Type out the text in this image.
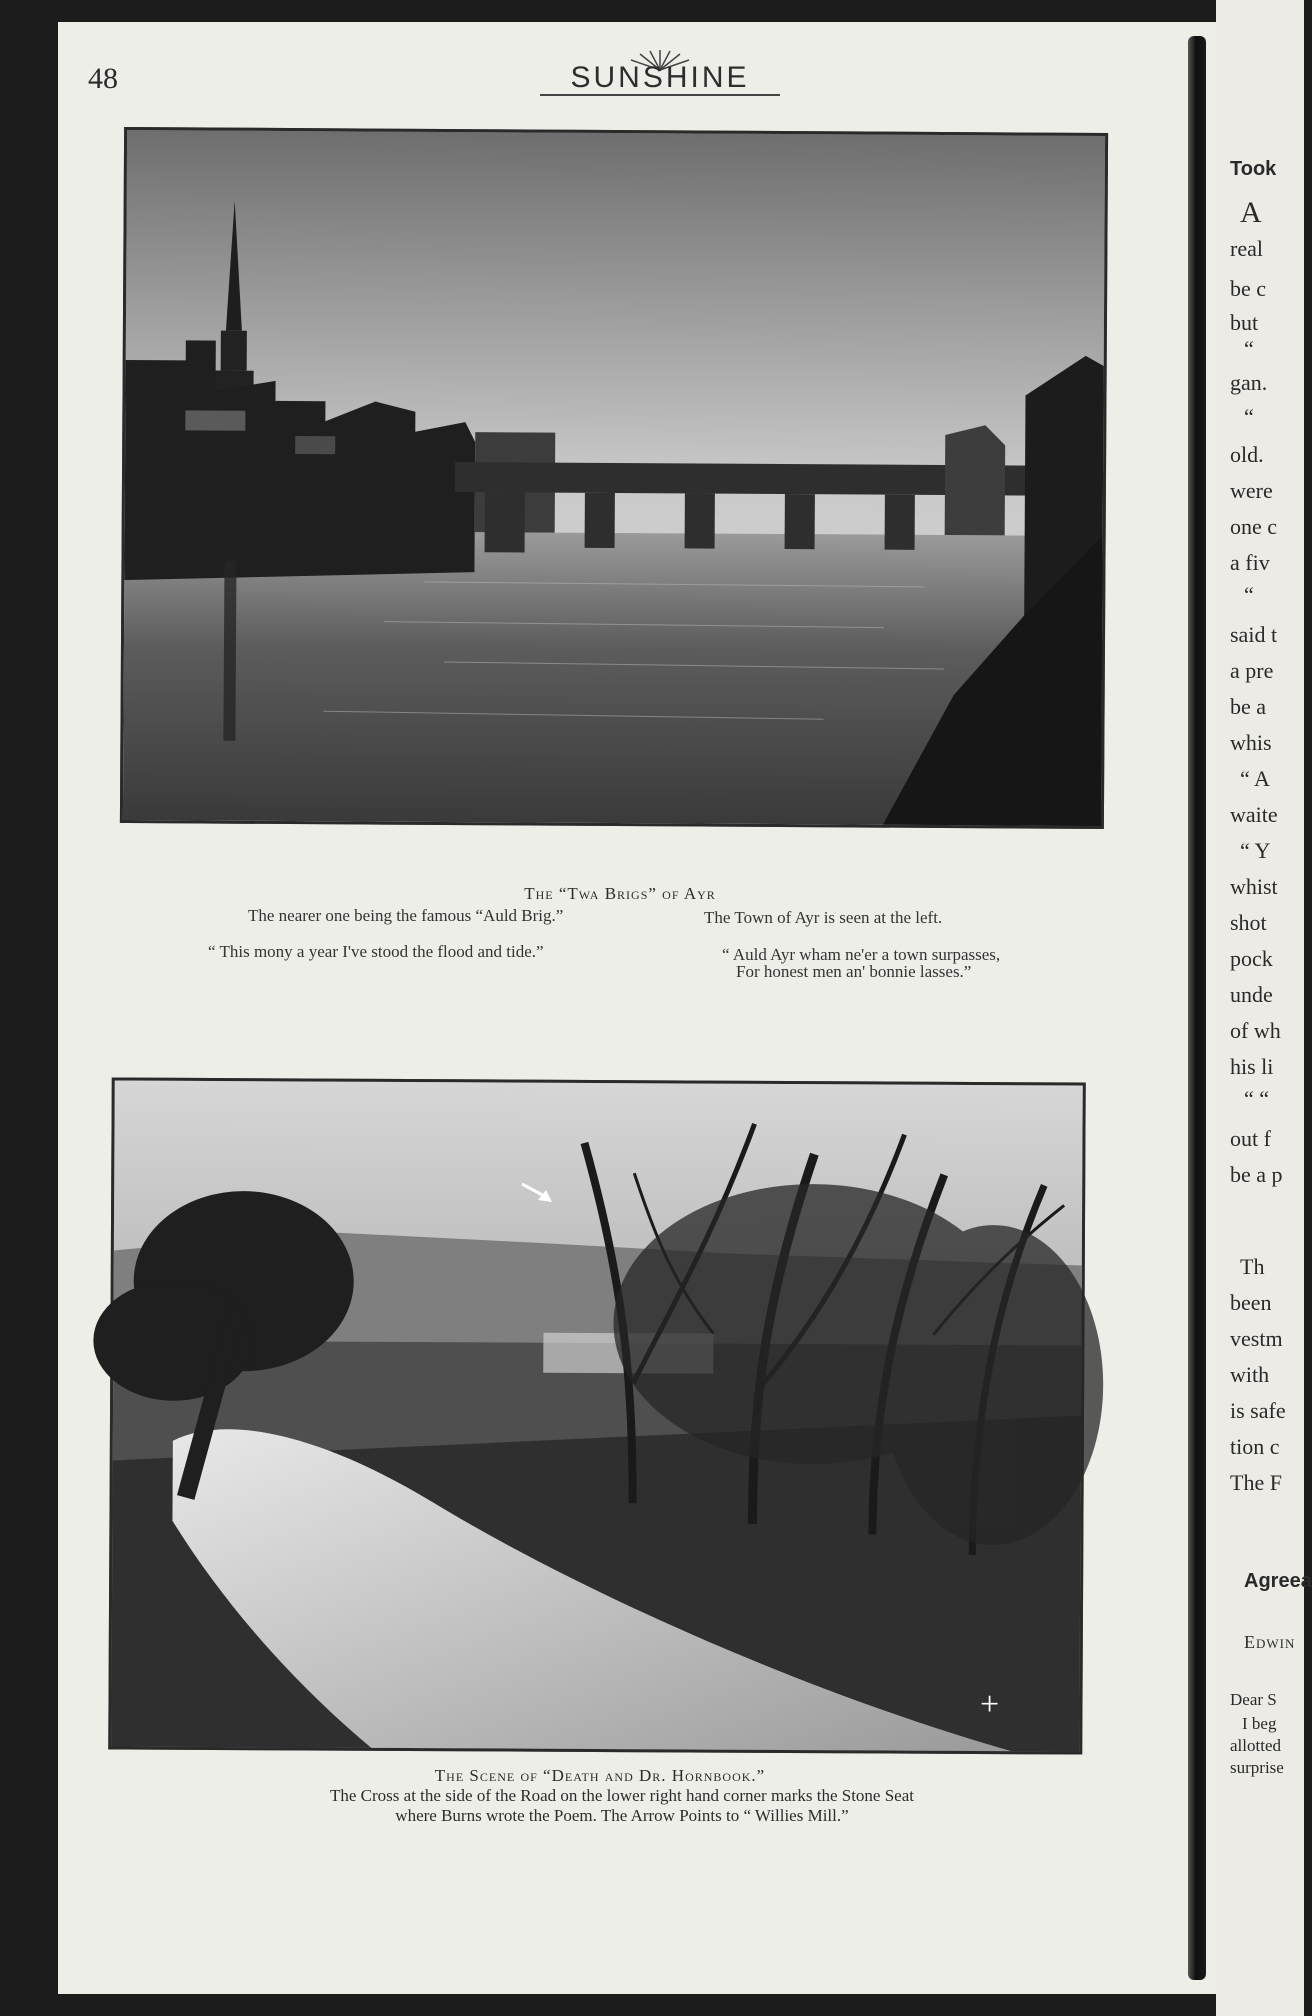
48	SUNSHINE
The “Twa Brigs” of Ayr
The nearer one being the famous “Auld Brig.”	The Town of Ayr is seen at the left.
“ This mony a year I've stood the flood and tide.”	“ Auld Ayr wham ne'er a town surpasses,
For honest men an' bonnie lasses.”
+
The Scene of “Death and Dr. Hornbook.”
The Cross at the side of the Road on the lower right hand corner marks the Stone Seat
where Burns wrote the Poem. The Arrow Points to “ Willies Mill.”
Took
A
real
be c
but
“
gan.
“
old.
were
one c
a fiv
“
said t
a pre
be a
whis
“ A
waite
“ Y
whist
shot
pock
unde
of wh
his li
“ “
out f
be a p
Th
been
vestm
with
is safe
tion c
The F
Agreea
Edwin
Dear S
I beg
allotted
surprise
